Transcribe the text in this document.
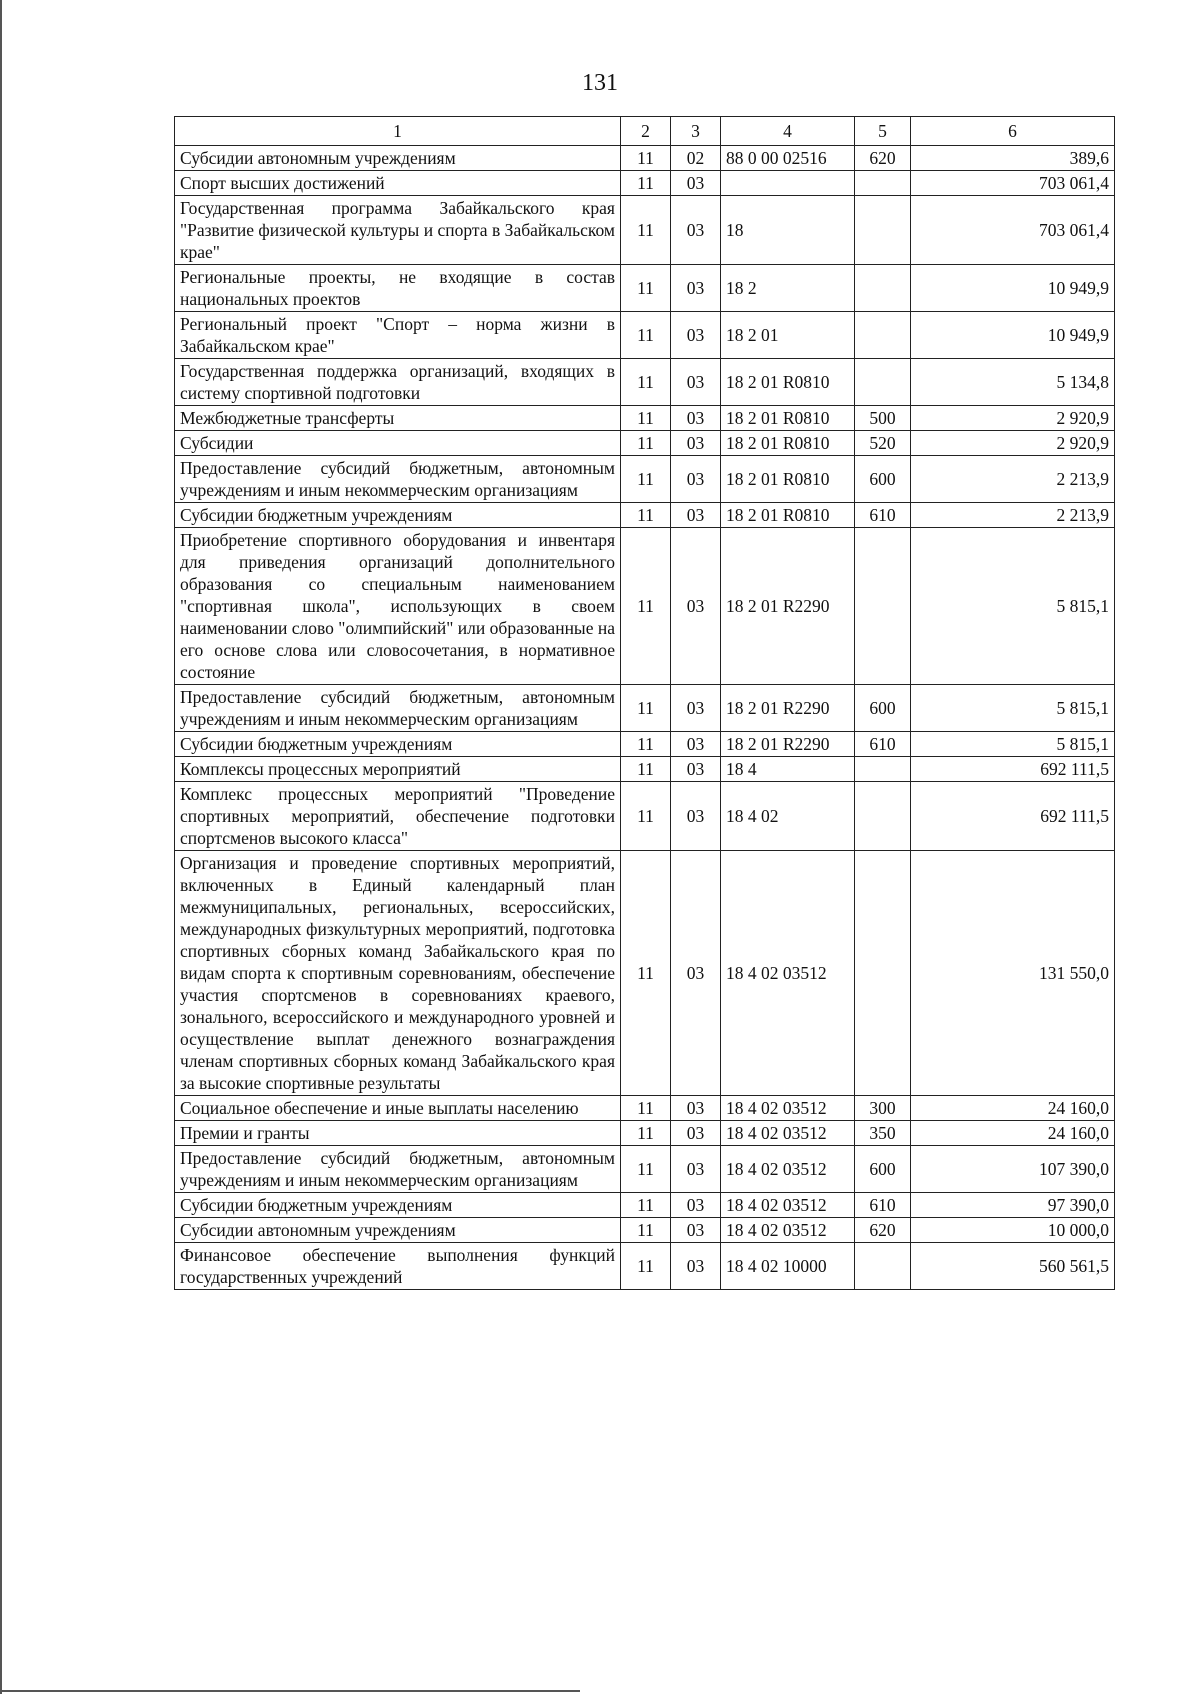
131
1	2	3	4	5	6
Субсидии автономным учреждениям	11	02	88 0 00 02516	620	389,6
Спорт высших достижений	11	03			703 061,4
Государственная программа Забайкальского края "Развитие физической культуры и спорта в Забайкальском крае"	11	03	18		703 061,4
Региональные проекты, не входящие в состав национальных проектов	11	03	18 2		10 949,9
Региональный проект "Спорт – норма жизни в Забайкальском крае"	11	03	18 2 01		10 949,9
Государственная поддержка организаций, входящих в систему спортивной подготовки	11	03	18 2 01 R0810		5 134,8
Межбюджетные трансферты	11	03	18 2 01 R0810	500	2 920,9
Субсидии	11	03	18 2 01 R0810	520	2 920,9
Предоставление субсидий бюджетным, автономным учреждениям и иным некоммерческим организациям	11	03	18 2 01 R0810	600	2 213,9
Субсидии бюджетным учреждениям	11	03	18 2 01 R0810	610	2 213,9
Приобретение спортивного оборудования и инвентаря для приведения организаций дополнительного образования со специальным наименованием "спортивная школа", использующих в своем наименовании слово "олимпийский" или образованные на его основе слова или словосочетания, в нормативное состояние	11	03	18 2 01 R2290		5 815,1
Предоставление субсидий бюджетным, автономным учреждениям и иным некоммерческим организациям	11	03	18 2 01 R2290	600	5 815,1
Субсидии бюджетным учреждениям	11	03	18 2 01 R2290	610	5 815,1
Комплексы процессных мероприятий	11	03	18 4		692 111,5
Комплекс процессных мероприятий "Проведение спортивных мероприятий, обеспечение подготовки спортсменов высокого класса"	11	03	18 4 02		692 111,5
Организация и проведение спортивных мероприятий, включенных в Единый календарный план межмуниципальных, региональных, всероссийских, международных физкультурных мероприятий, подготовка спортивных сборных команд Забайкальского края по видам спорта к спортивным соревнованиям, обеспечение участия спортсменов в соревнованиях краевого, зонального, всероссийского и международного уровней и осуществление выплат денежного вознаграждения членам спортивных сборных команд Забайкальского края за высокие спортивные результаты	11	03	18 4 02 03512		131 550,0
Социальное обеспечение и иные выплаты населению	11	03	18 4 02 03512	300	24 160,0
Премии и гранты	11	03	18 4 02 03512	350	24 160,0
Предоставление субсидий бюджетным, автономным учреждениям и иным некоммерческим организациям	11	03	18 4 02 03512	600	107 390,0
Субсидии бюджетным учреждениям	11	03	18 4 02 03512	610	97 390,0
Субсидии автономным учреждениям	11	03	18 4 02 03512	620	10 000,0
Финансовое обеспечение выполнения функций государственных учреждений	11	03	18 4 02 10000		560 561,5
